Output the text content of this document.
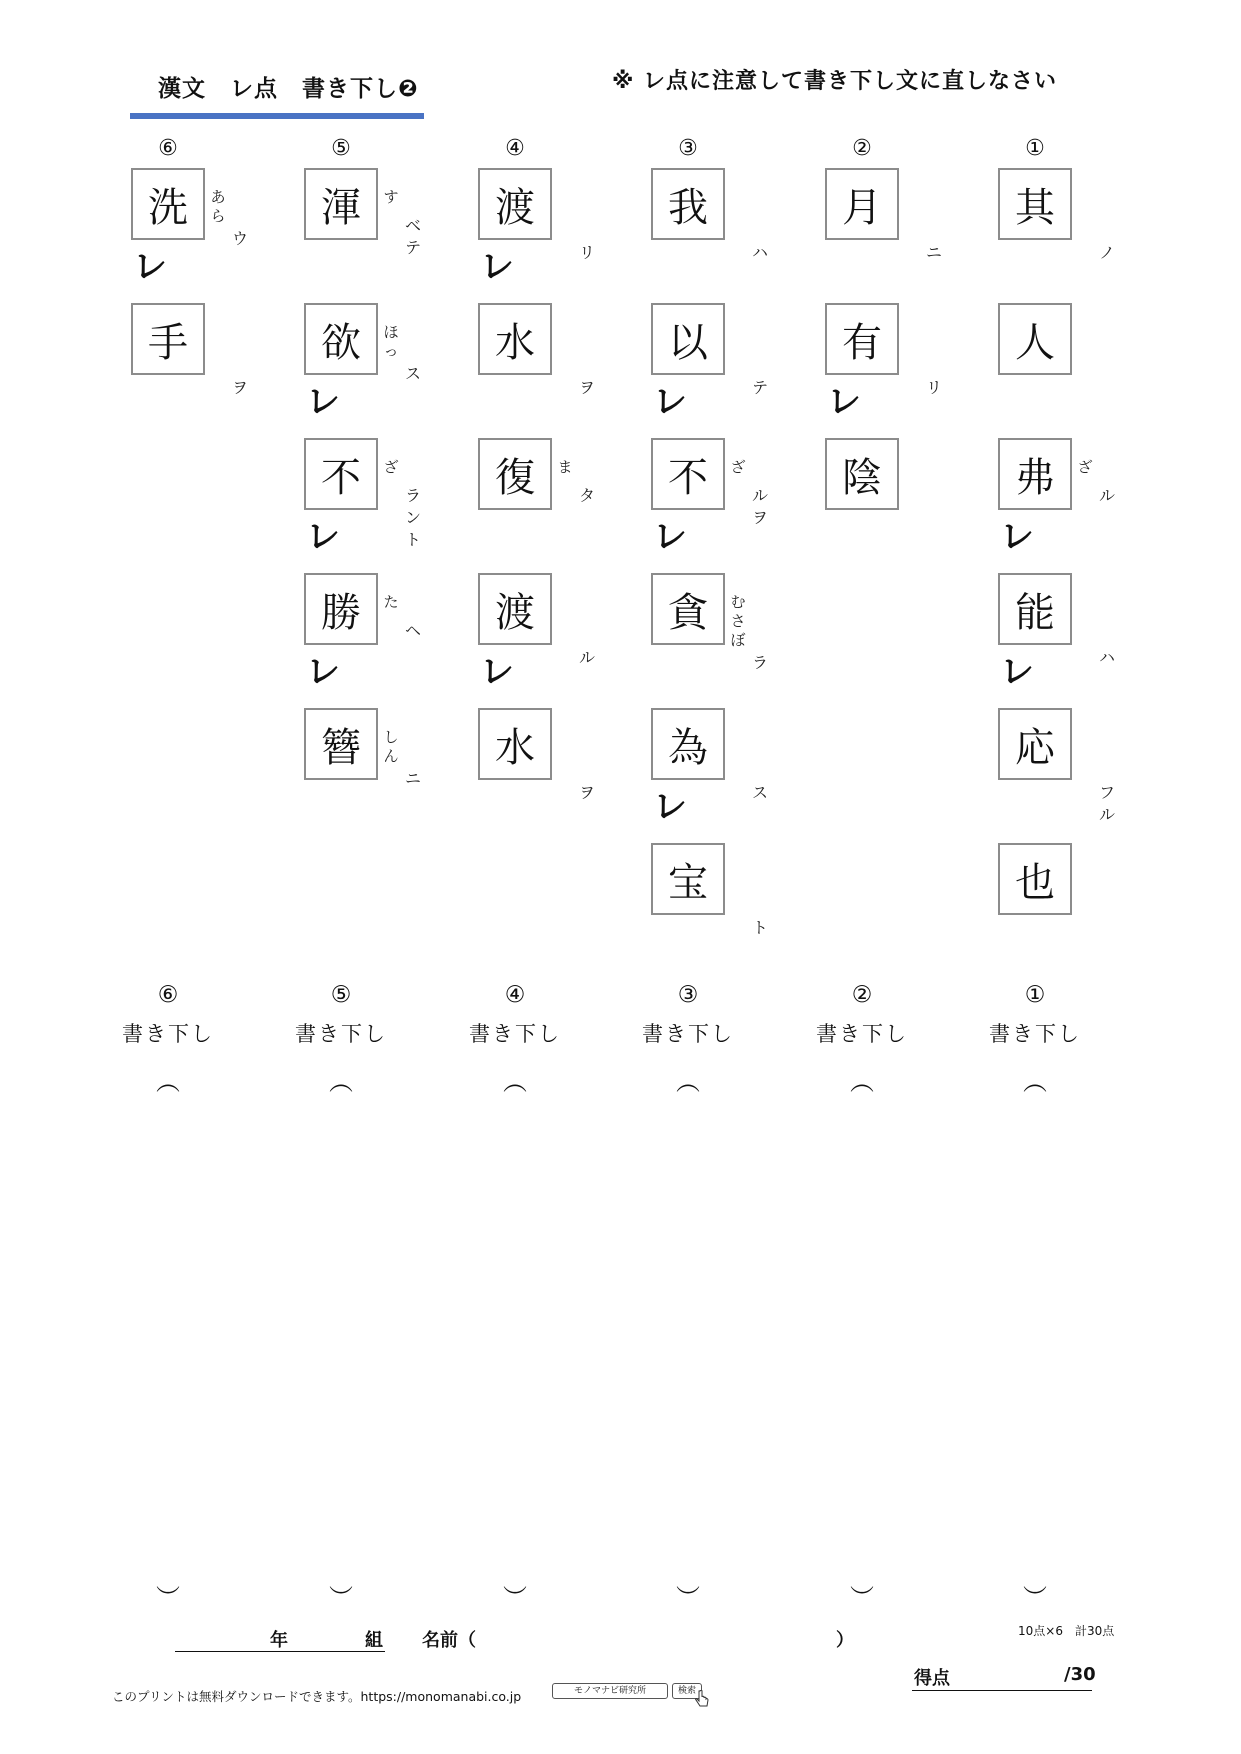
漢文　レ点　書き下し❷	※ レ点に注意して書き下し文に直しなさい
①
其
ノ
人
弗	ざ
ル
レ
能
ハ
レ
応
フ
ル
也
②
月
ニ
有
リ
レ
陰
③
我
ハ
以
テ
レ
不	ざ
ル
ヲ
レ
貪	む
さ
ぼ
ラ
為
ス
レ
宝
ト
④
渡
リ
レ
水
ヲ
復	ま
タ
渡
ル
レ
水
ヲ
⑤
渾	す
ベ
テ
欲	ほ
っ
ス
レ
不	ざ
ラ
ン
ト
レ
勝	た
ヘ
レ
簪	し
ん
ニ
⑥
洗	あ
ら
ウ
レ
手
ヲ
①
書き下し
︵
︶
②
書き下し
︵
︶
③
書き下し
︵
︶
④
書き下し
︵
︶
⑤
書き下し
︵
︶
⑥
書き下し
︵
︶
年	組 名前（	）	10点×6　計30点
得点	/30
このプリントは無料ダウンロードできます。https://monomanabi.co.jp	モノマナビ研究所	検索
